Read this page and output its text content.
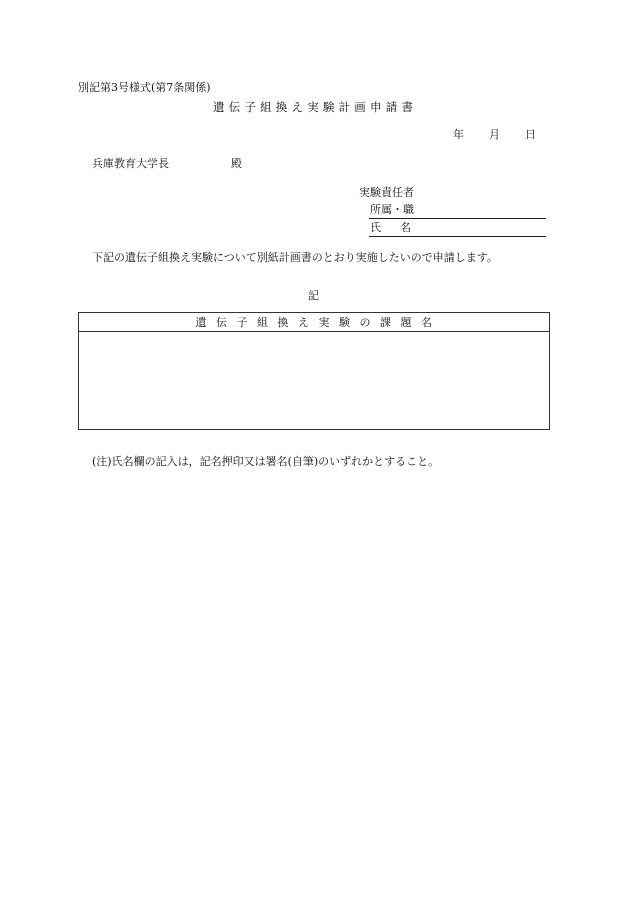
別記第3号様式(第7条関係)
遺伝子組換え実験計画申請書
年 月 日
兵庫教育大学長	殿
実験責任者
所属・職
氏名
下記の遺伝子組換え実験について別紙計画書のとおり実施したいので申請します。
記
遺伝子組換え実験の課題名
(注)氏名欄の記入は，記名押印又は署名(自筆)のいずれかとすること。
